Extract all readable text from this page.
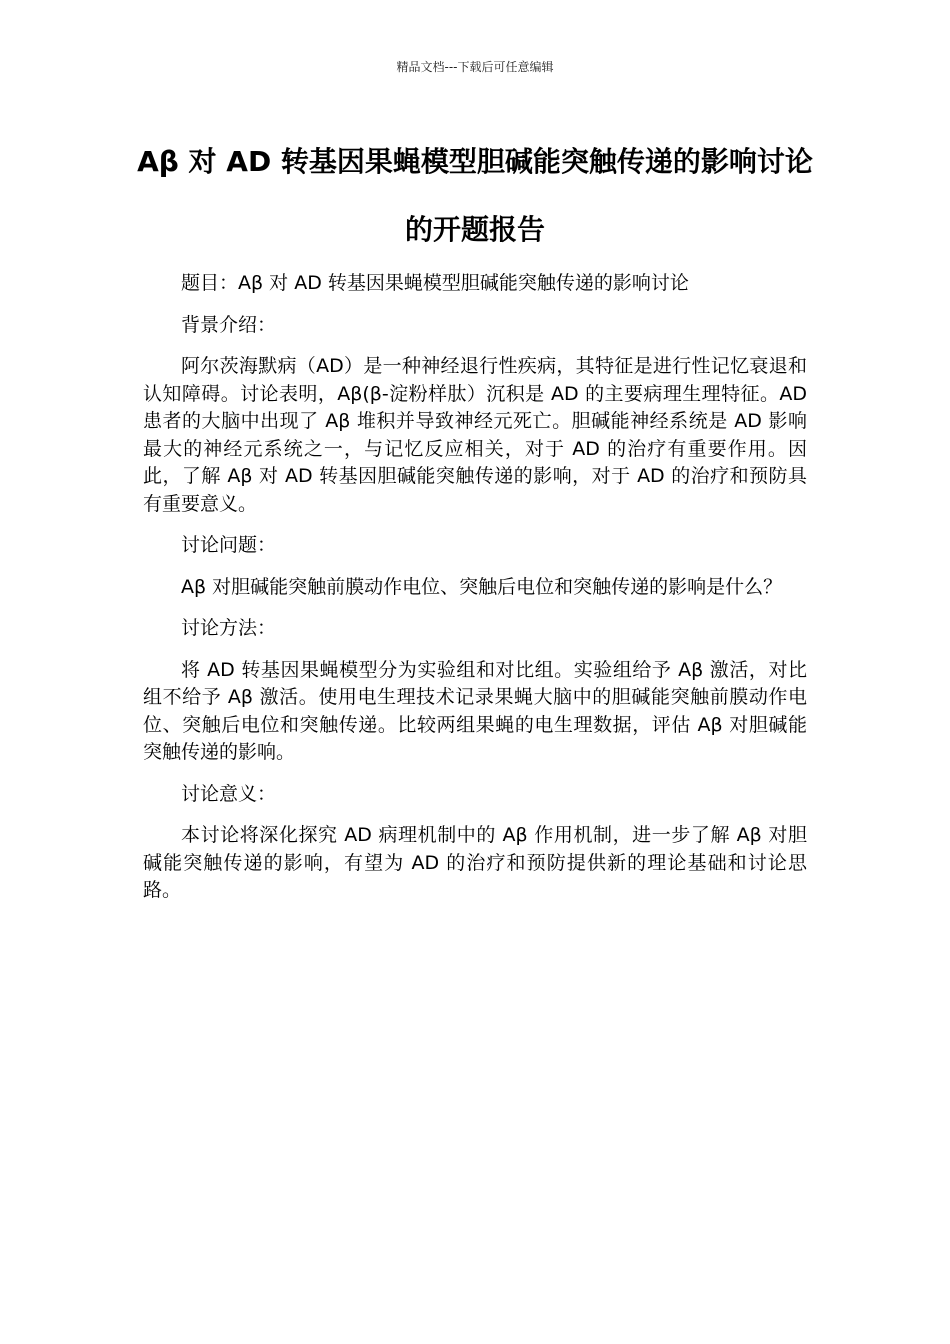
精品文档---下载后可任意编辑
Aβ 对 AD 转基因果蝇模型胆碱能突触传递的影响讨论的开题报告

题目：Aβ 对 AD 转基因果蝇模型胆碱能突触传递的影响讨论

背景介绍：

阿尔茨海默病（AD）是一种神经退行性疾病，其特征是进行性记忆衰退和认知障碍。讨论表明，Aβ(β-淀粉样肽）沉积是 AD 的主要病理生理特征。AD 患者的大脑中出现了 Aβ 堆积并导致神经元死亡。胆碱能神经系统是 AD 影响最大的神经元系统之一，与记忆反应相关，对于 AD 的治疗有重要作用。因此，了解 Aβ 对 AD 转基因胆碱能突触传递的影响，对于 AD 的治疗和预防具有重要意义。

讨论问题：

Aβ 对胆碱能突触前膜动作电位、突触后电位和突触传递的影响是什么？

讨论方法：

将 AD 转基因果蝇模型分为实验组和对比组。实验组给予 Aβ 激活，对比组不给予 Aβ 激活。使用电生理技术记录果蝇大脑中的胆碱能突触前膜动作电位、突触后电位和突触传递。比较两组果蝇的电生理数据，评估 Aβ 对胆碱能突触传递的影响。

讨论意义：

本讨论将深化探究 AD 病理机制中的 Aβ 作用机制，进一步了解 Aβ 对胆碱能突触传递的影响，有望为 AD 的治疗和预防提供新的理论基础和讨论思路。
